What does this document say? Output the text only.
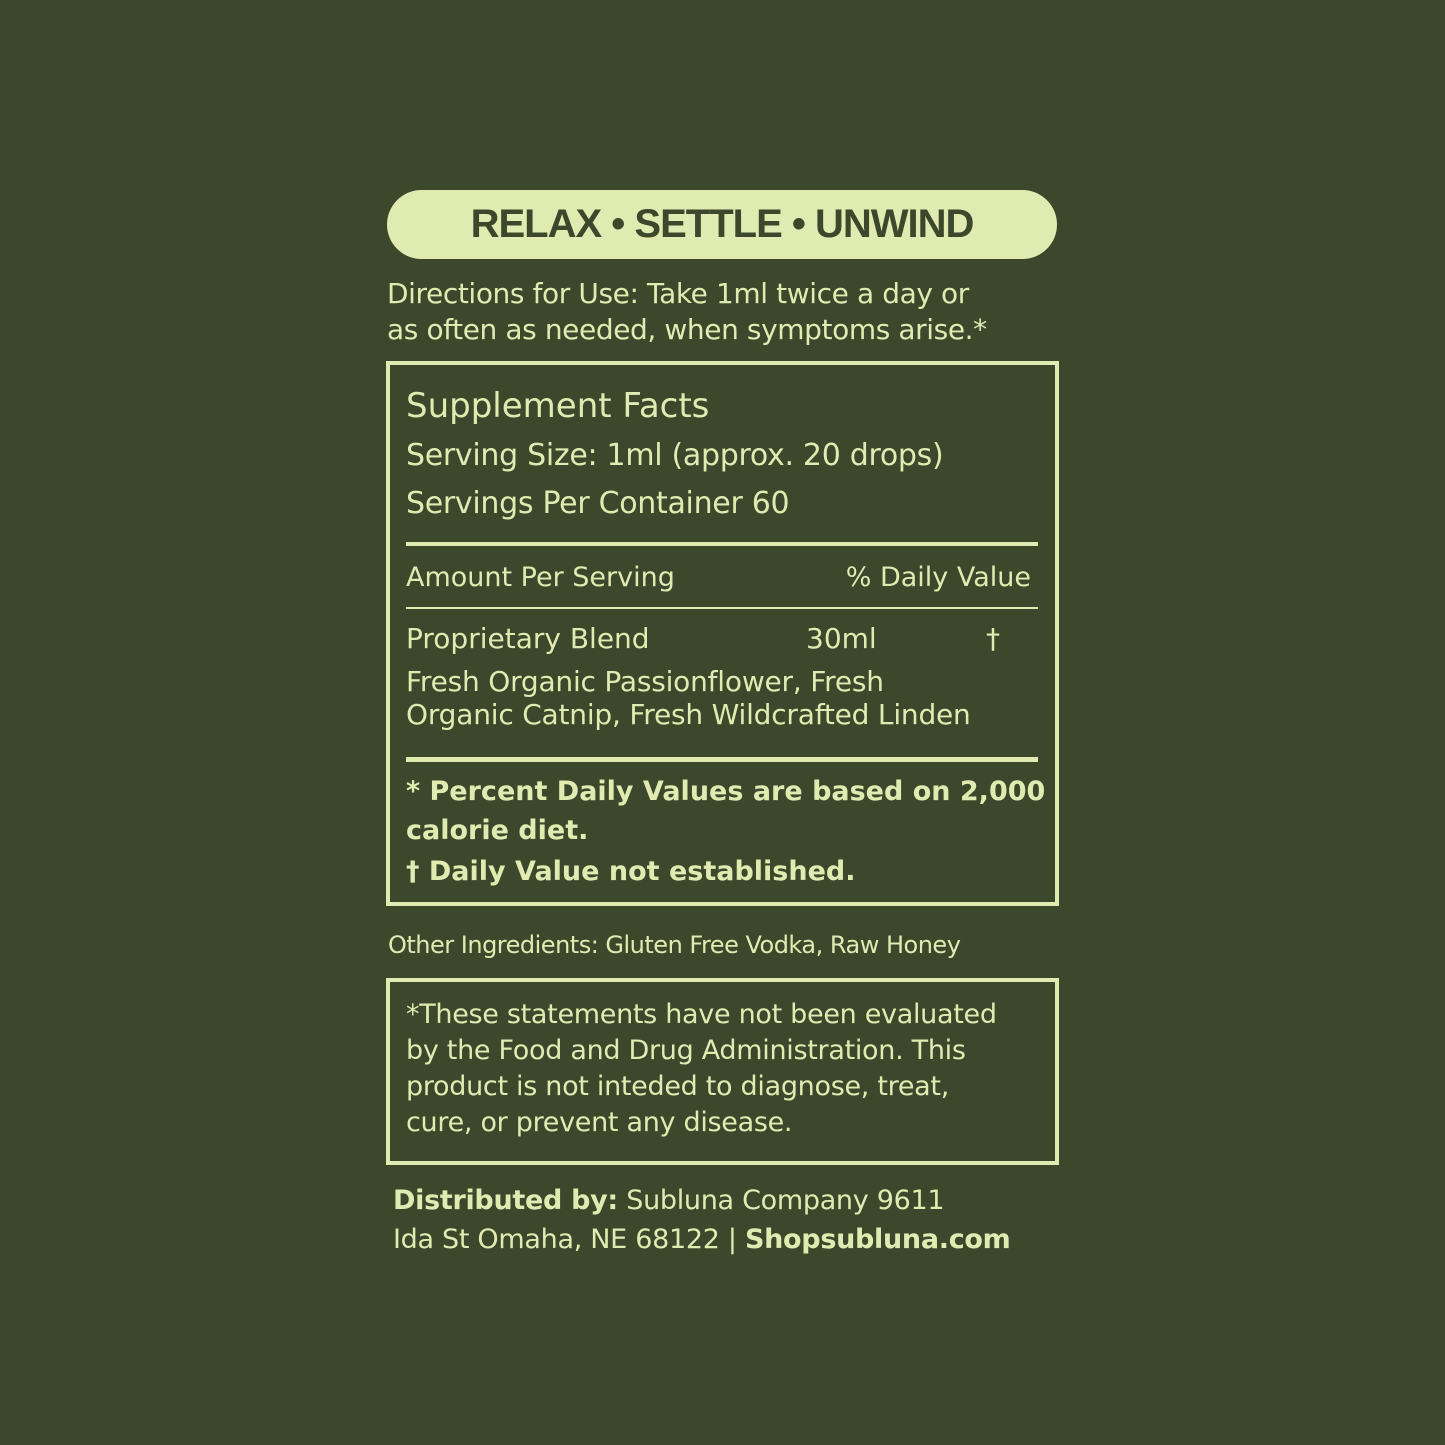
RELAX • SETTLE • UNWIND
Directions for Use: Take 1ml twice a day or
as often as needed, when symptoms arise.*
Supplement Facts
Serving Size: 1ml (approx. 20 drops)
Servings Per Container 60
Amount Per Serving	% Daily Value
Proprietary Blend	30ml	†
Fresh Organic Passionflower, Fresh
Organic Catnip, Fresh Wildcrafted Linden
* Percent Daily Values are based on 2,000 calorie diet.
† Daily Value not established.
Other Ingredients: Gluten Free Vodka, Raw Honey
*These statements have not been evaluated
by the Food and Drug Administration. This
product is not inteded to diagnose, treat,
cure, or prevent any disease.
Distributed by: Subluna Company 9611
Ida St Omaha, NE 68122 | Shopsubluna.com
